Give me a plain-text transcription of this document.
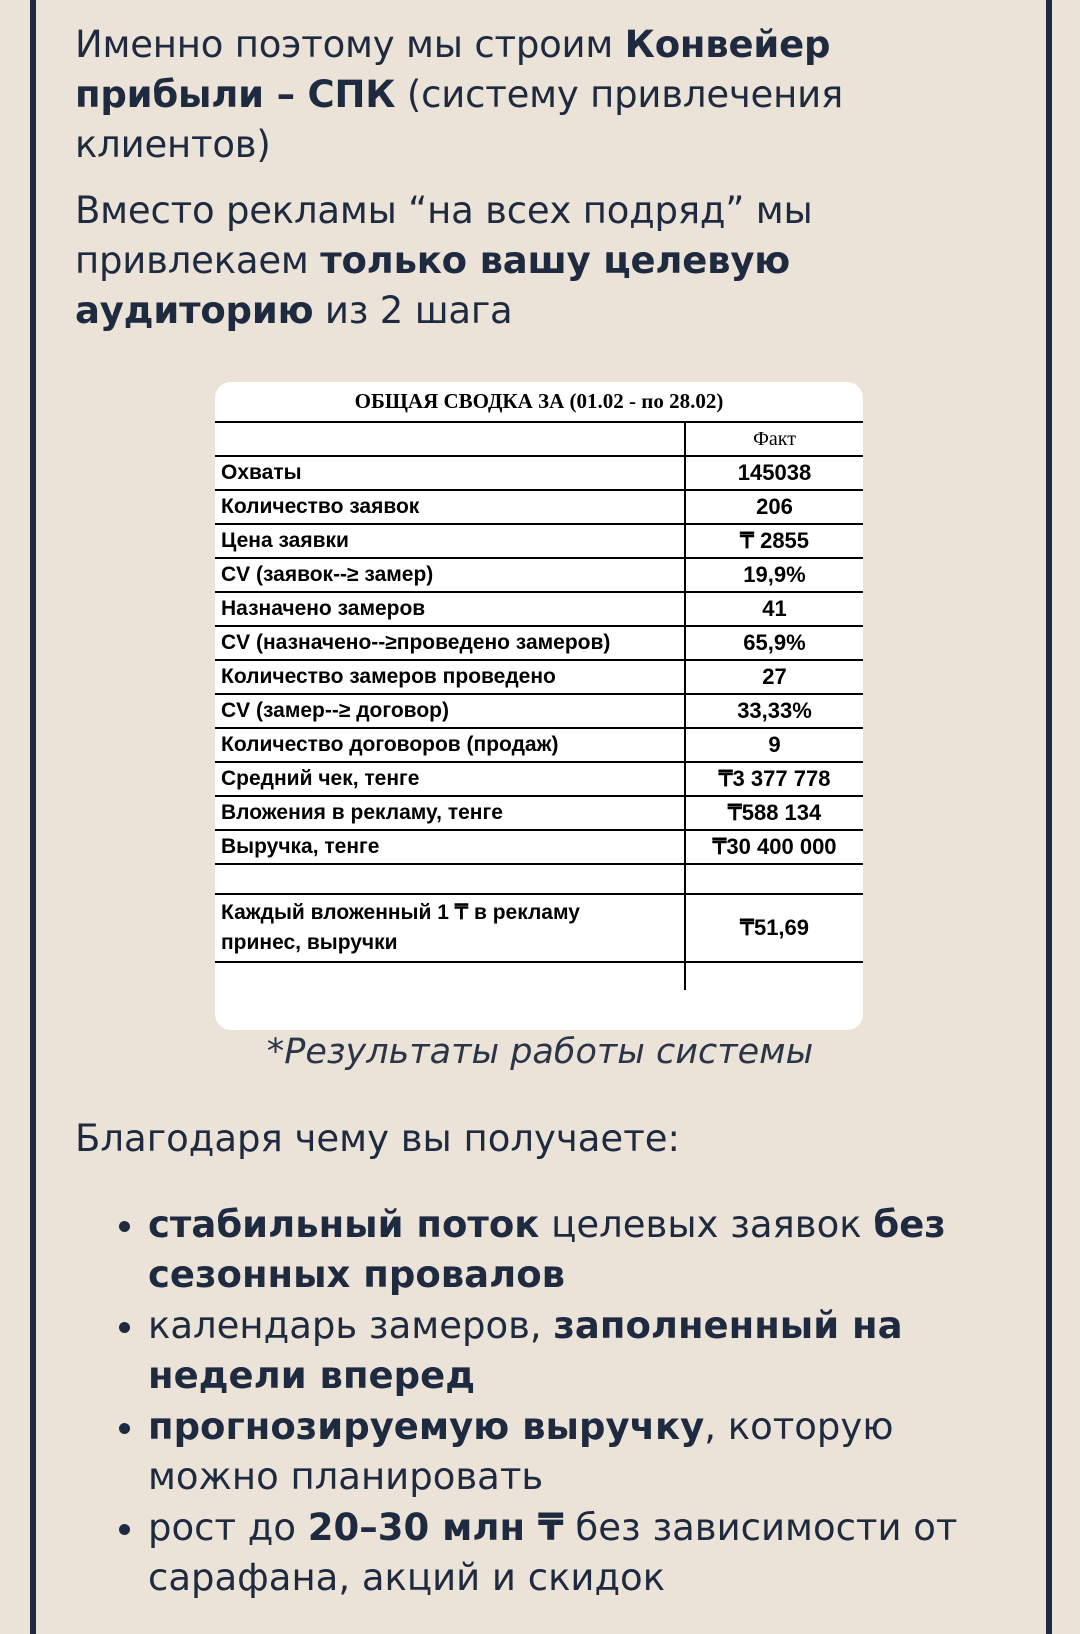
Именно поэтому мы строим Конвейер прибыли – СПК (систему привлечения клиентов)

Вместо рекламы “на всех подряд” мы привлекаем только вашу целевую аудиторию из 2 шага

ОБЩАЯ СВОДКА ЗА (01.02 - по 28.02)	
	Факт
Охваты	145038
Количество заявок	206
Цена заявки	₸ 2855
CV (заявок--≥ замер)	19,9%
Назначено замеров	41
CV (назначено--≥проведено замеров)	65,9%
Количество замеров проведено	27
CV (замер--≥ договор)	33,33%
Количество договоров (продаж)	9
Средний чек, тенге	₸3 377 778
Вложения в рекламу, тенге	₸588 134
Выручка, тенге	₸30 400 000

Каждый вложенный 1 ₸ в рекламу
принес, выручки	₸51,69

*Результаты работы системы

Благодаря чему вы получаете:

• стабильный поток целевых заявок без сезонных провалов
• календарь замеров, заполненный на недели вперед
• прогнозируемую выручку, которую можно планировать
• рост до 20–30 млн ₸ без зависимости от сарафана, акций и скидок
